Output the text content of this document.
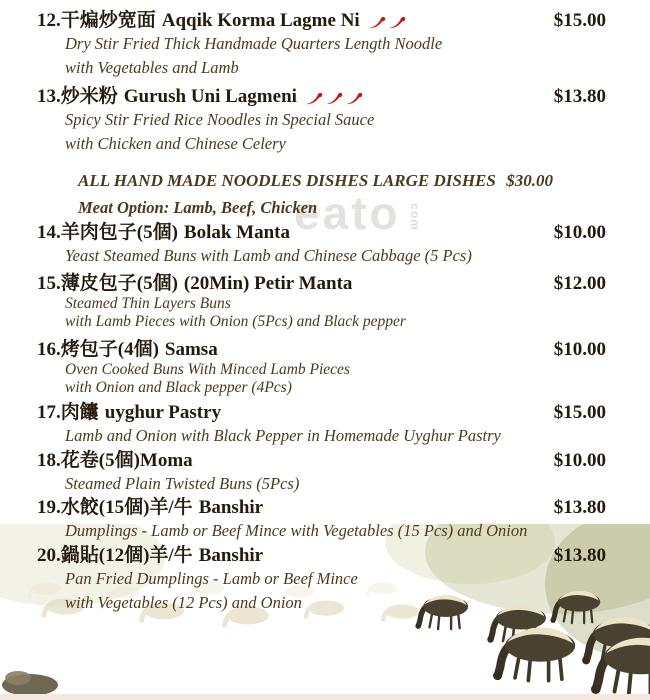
eato com
12. 干煸炒宽面 Aqqik Korma Lagme Ni	$15.00
Dry Stir Fried Thick Handmade Quarters Length Noodle
with Vegetables and Lamb
13. 炒米粉 Gurush Uni Lagmeni	$13.80
Spicy Stir Fried Rice Noodles in Special Sauce
with Chicken and Chinese Celery
ALL HAND MADE NOODLES DISHES LARGE DISHES $30.00
Meat Option: Lamb, Beef, Chicken
14. 羊肉包子(5個) Bolak Manta	$10.00
Yeast Steamed Buns with Lamb and Chinese Cabbage (5 Pcs)
15. 薄皮包子(5個) (20Min) Petir Manta	$12.00
Steamed Thin Layers Buns
with Lamb Pieces with Onion (5Pcs) and Black pepper
16. 烤包子(4個) Samsa	$10.00
Oven Cooked Buns With Minced Lamb Pieces
with Onion and Black pepper (4Pcs)
17. 肉饢 uyghur Pastry	$15.00
Lamb and Onion with Black Pepper in Homemade Uyghur Pastry
18. 花卷(5個) Moma	$10.00
Steamed Plain Twisted Buns (5Pcs)
19. 水餃(15個)羊/牛 Banshir	$13.80
Dumplings - Lamb or Beef Mince with Vegetables (15 Pcs) and Onion
20. 鍋貼(12個)羊/牛 Banshir	$13.80
Pan Fried Dumplings - Lamb or Beef Mince
with Vegetables (12 Pcs) and Onion
